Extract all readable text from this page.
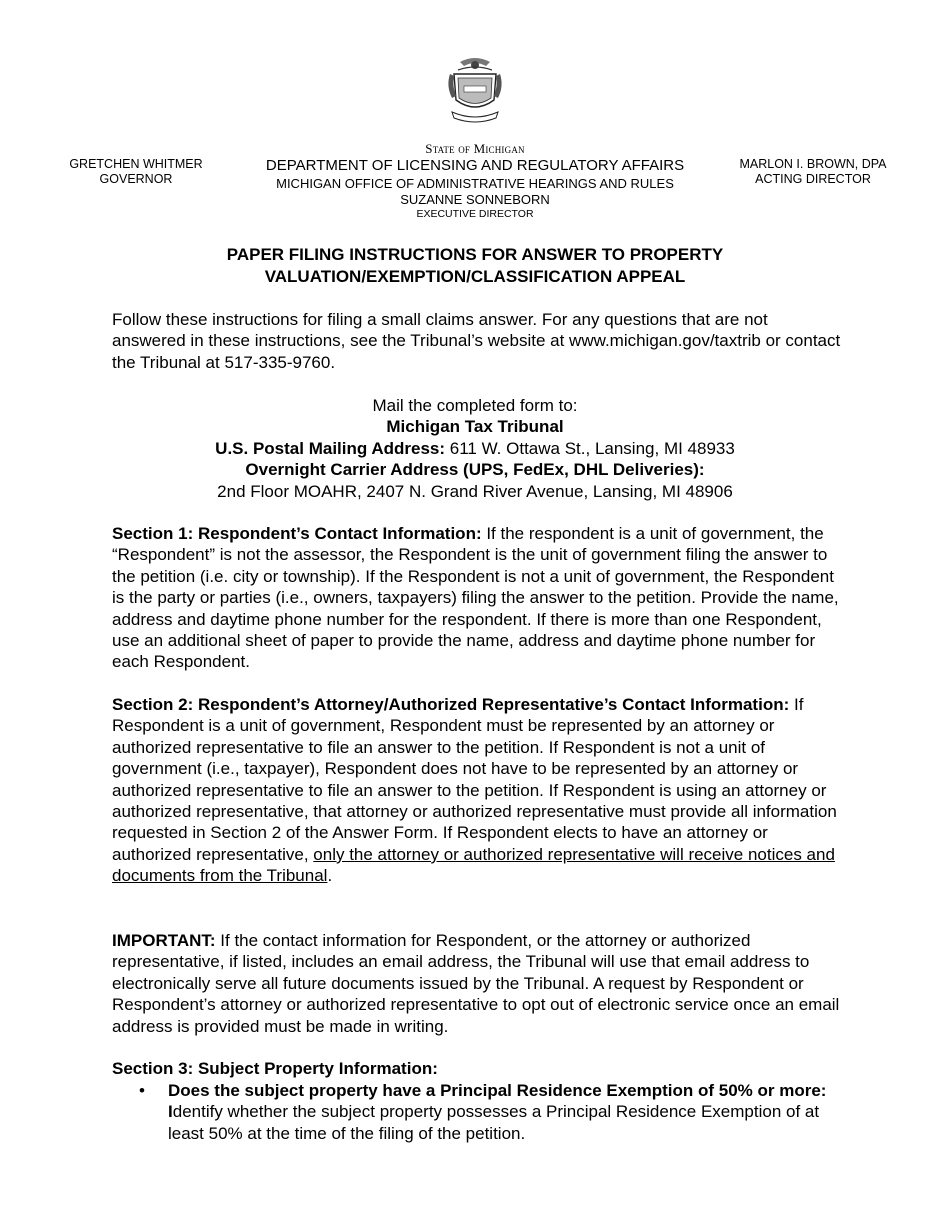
GRETCHEN WHITMER
GOVERNOR
State of Michigan
DEPARTMENT OF LICENSING AND REGULATORY AFFAIRS
MICHIGAN OFFICE OF ADMINISTRATIVE HEARINGS AND RULES
SUZANNE SONNEBORN
EXECUTIVE DIRECTOR
MARLON I. BROWN, DPA
ACTING DIRECTOR
PAPER FILING INSTRUCTIONS FOR ANSWER TO PROPERTY
VALUATION/EXEMPTION/CLASSIFICATION APPEAL

Follow these instructions for filing a small claims answer. For any questions that are not answered in these instructions, see the Tribunal’s website at www.michigan.gov/taxtrib or contact the Tribunal at 517-335-9760.

Mail the completed form to:
Michigan Tax Tribunal
U.S. Postal Mailing Address: 611 W. Ottawa St., Lansing, MI 48933
Overnight Carrier Address (UPS, FedEx, DHL Deliveries):
2nd Floor MOAHR, 2407 N. Grand River Avenue, Lansing, MI 48906

Section 1: Respondent’s Contact Information: If the respondent is a unit of government, the “Respondent” is not the assessor, the Respondent is the unit of government filing the answer to the petition (i.e. city or township). If the Respondent is not a unit of government, the Respondent is the party or parties (i.e., owners, taxpayers) filing the answer to the petition. Provide the name, address and daytime phone number for the respondent. If there is more than one Respondent, use an additional sheet of paper to provide the name, address and daytime phone number for each Respondent.

Section 2: Respondent’s Attorney/Authorized Representative’s Contact Information: If Respondent is a unit of government, Respondent must be represented by an attorney or authorized representative to file an answer to the petition. If Respondent is not a unit of government (i.e., taxpayer), Respondent does not have to be represented by an attorney or authorized representative to file an answer to the petition. If Respondent is using an attorney or authorized representative, that attorney or authorized representative must provide all information requested in Section 2 of the Answer Form. If Respondent elects to have an attorney or authorized representative, only the attorney or authorized representative will receive notices and documents from the Tribunal.

IMPORTANT: If the contact information for Respondent, or the attorney or authorized representative, if listed, includes an email address, the Tribunal will use that email address to electronically serve all future documents issued by the Tribunal. A request by Respondent or Respondent’s attorney or authorized representative to opt out of electronic service once an email address is provided must be made in writing.

Section 3: Subject Property Information:

• Does the subject property have a Principal Residence Exemption of 50% or more: Identify whether the subject property possesses a Principal Residence Exemption of at least 50% at the time of the filing of the petition.
